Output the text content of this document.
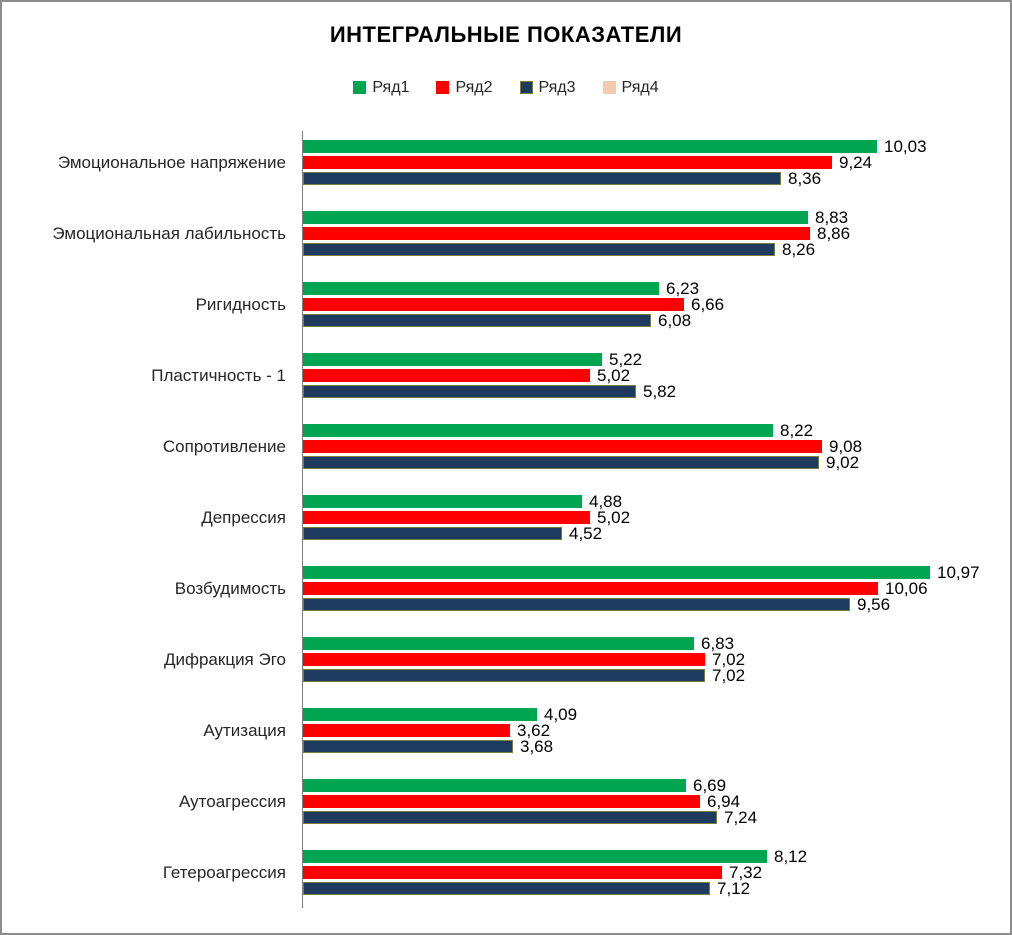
ИНТЕГРАЛЬНЫЕ ПОКАЗАТЕЛИ
Ряд1	Ряд2	Ряд3	Ряд4
Эмоциональное напряжение
10,03
9,24
8,36
Эмоциональная лабильность
8,83
8,86
8,26
Ригидность
6,23
6,66
6,08
Пластичность - 1
5,22
5,02
5,82
Сопротивление
8,22
9,08
9,02
Депрессия
4,88
5,02
4,52
Возбудимость
10,97
10,06
9,56
Дифракция Эго
6,83
7,02
7,02
Аутизация
4,09
3,62
3,68
Аутоагрессия
6,69
6,94
7,24
Гетероагрессия
8,12
7,32
7,12
